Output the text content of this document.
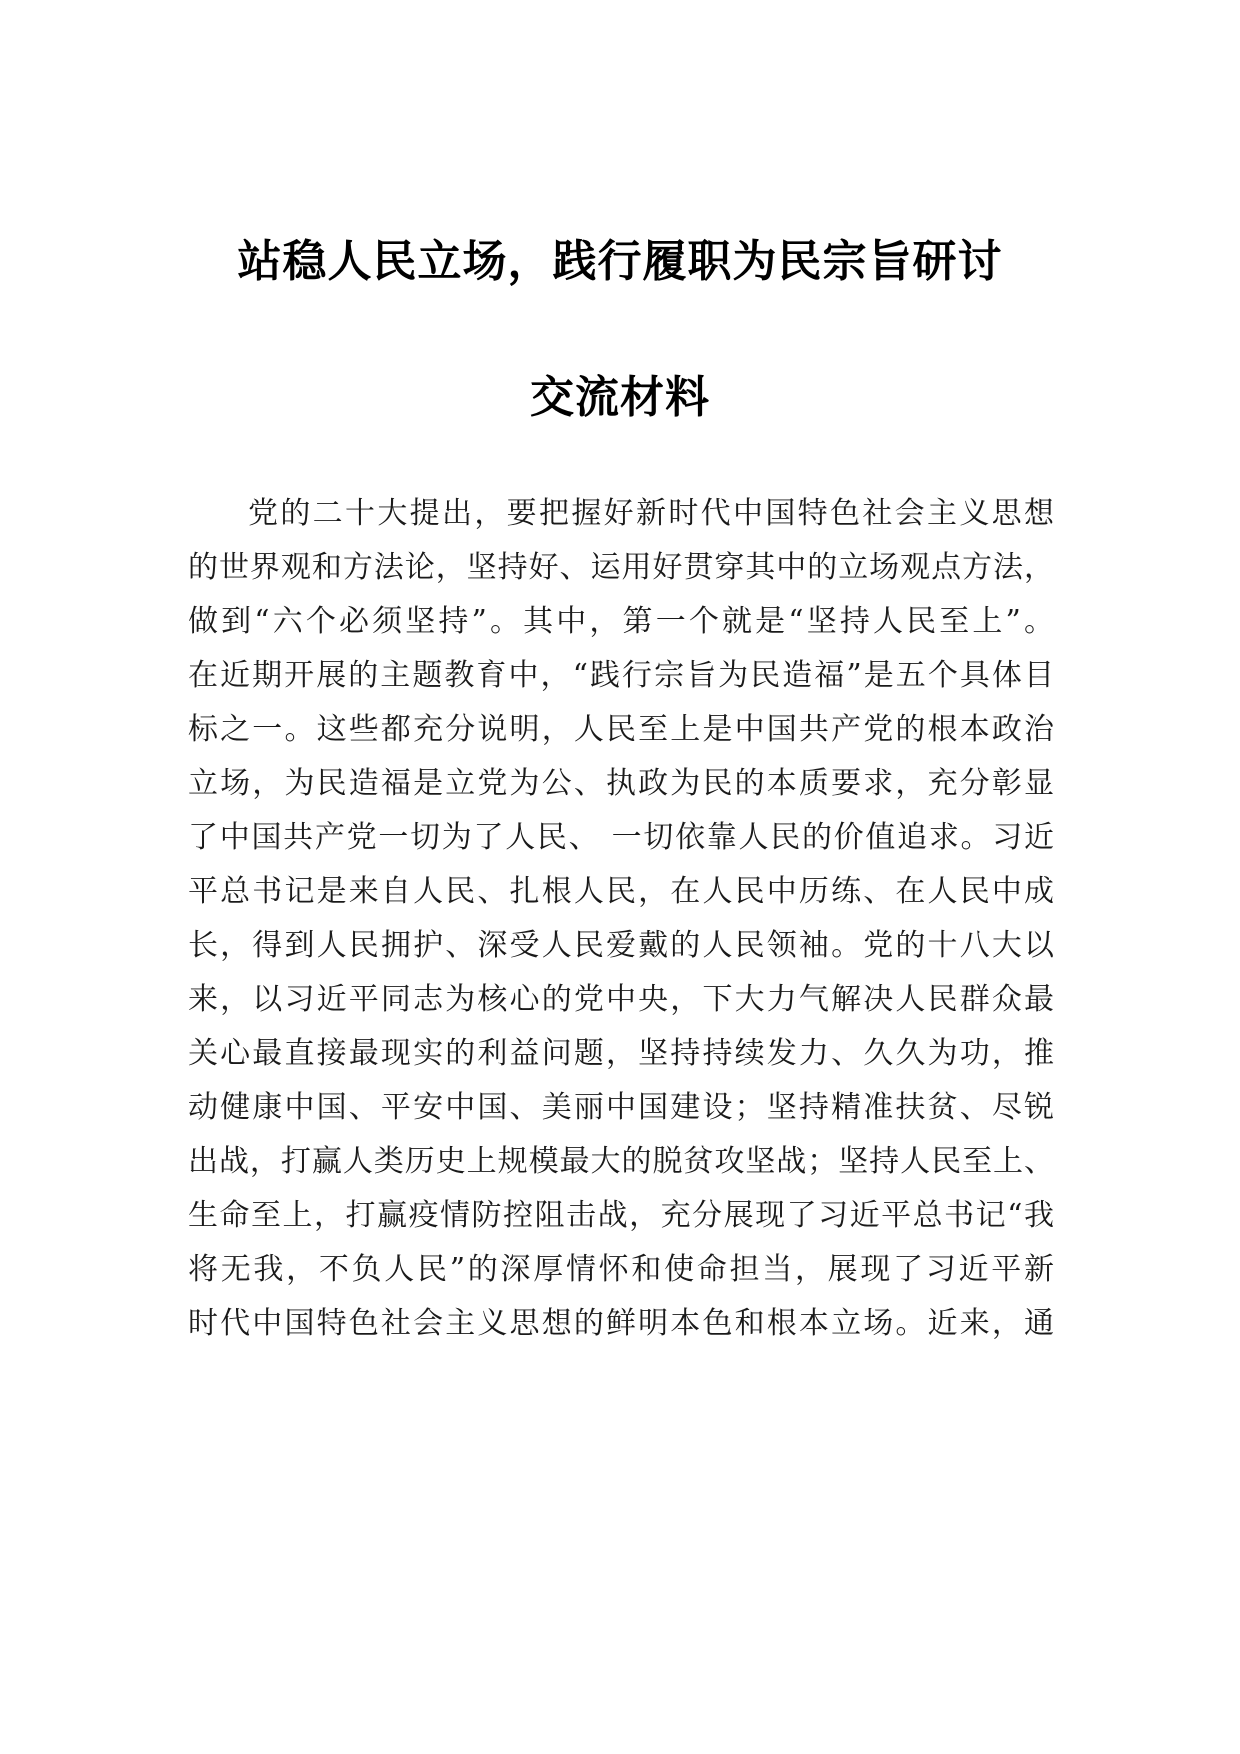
站稳人民立场，践行履职为民宗旨研讨
交流材料
党的二十大提出，要把握好新时代中国特色社会主义思想
的世界观和方法论，坚持好、运用好贯穿其中的立场观点方法，
做到“六个必须坚持”。其中，第一个就是“坚持人民至上”。
在近期开展的主题教育中，“践行宗旨为民造福”是五个具体目
标之一。这些都充分说明，人民至上是中国共产党的根本政治
立场，为民造福是立党为公、执政为民的本质要求，充分彰显
了中国共产党一切为了人民、 一切依靠人民的价值追求。习近
平总书记是来自人民、扎根人民，在人民中历练、在人民中成
长，得到人民拥护、深受人民爱戴的人民领袖。党的十八大以
来，以习近平同志为核心的党中央，下大力气解决人民群众最
关心最直接最现实的利益问题，坚持持续发力、久久为功，推
动健康中国、平安中国、美丽中国建设；坚持精准扶贫、尽锐
出战，打赢人类历史上规模最大的脱贫攻坚战；坚持人民至上、
生命至上，打赢疫情防控阻击战，充分展现了习近平总书记“我
将无我，不负人民”的深厚情怀和使命担当，展现了习近平新
时代中国特色社会主义思想的鲜明本色和根本立场。近来，通
